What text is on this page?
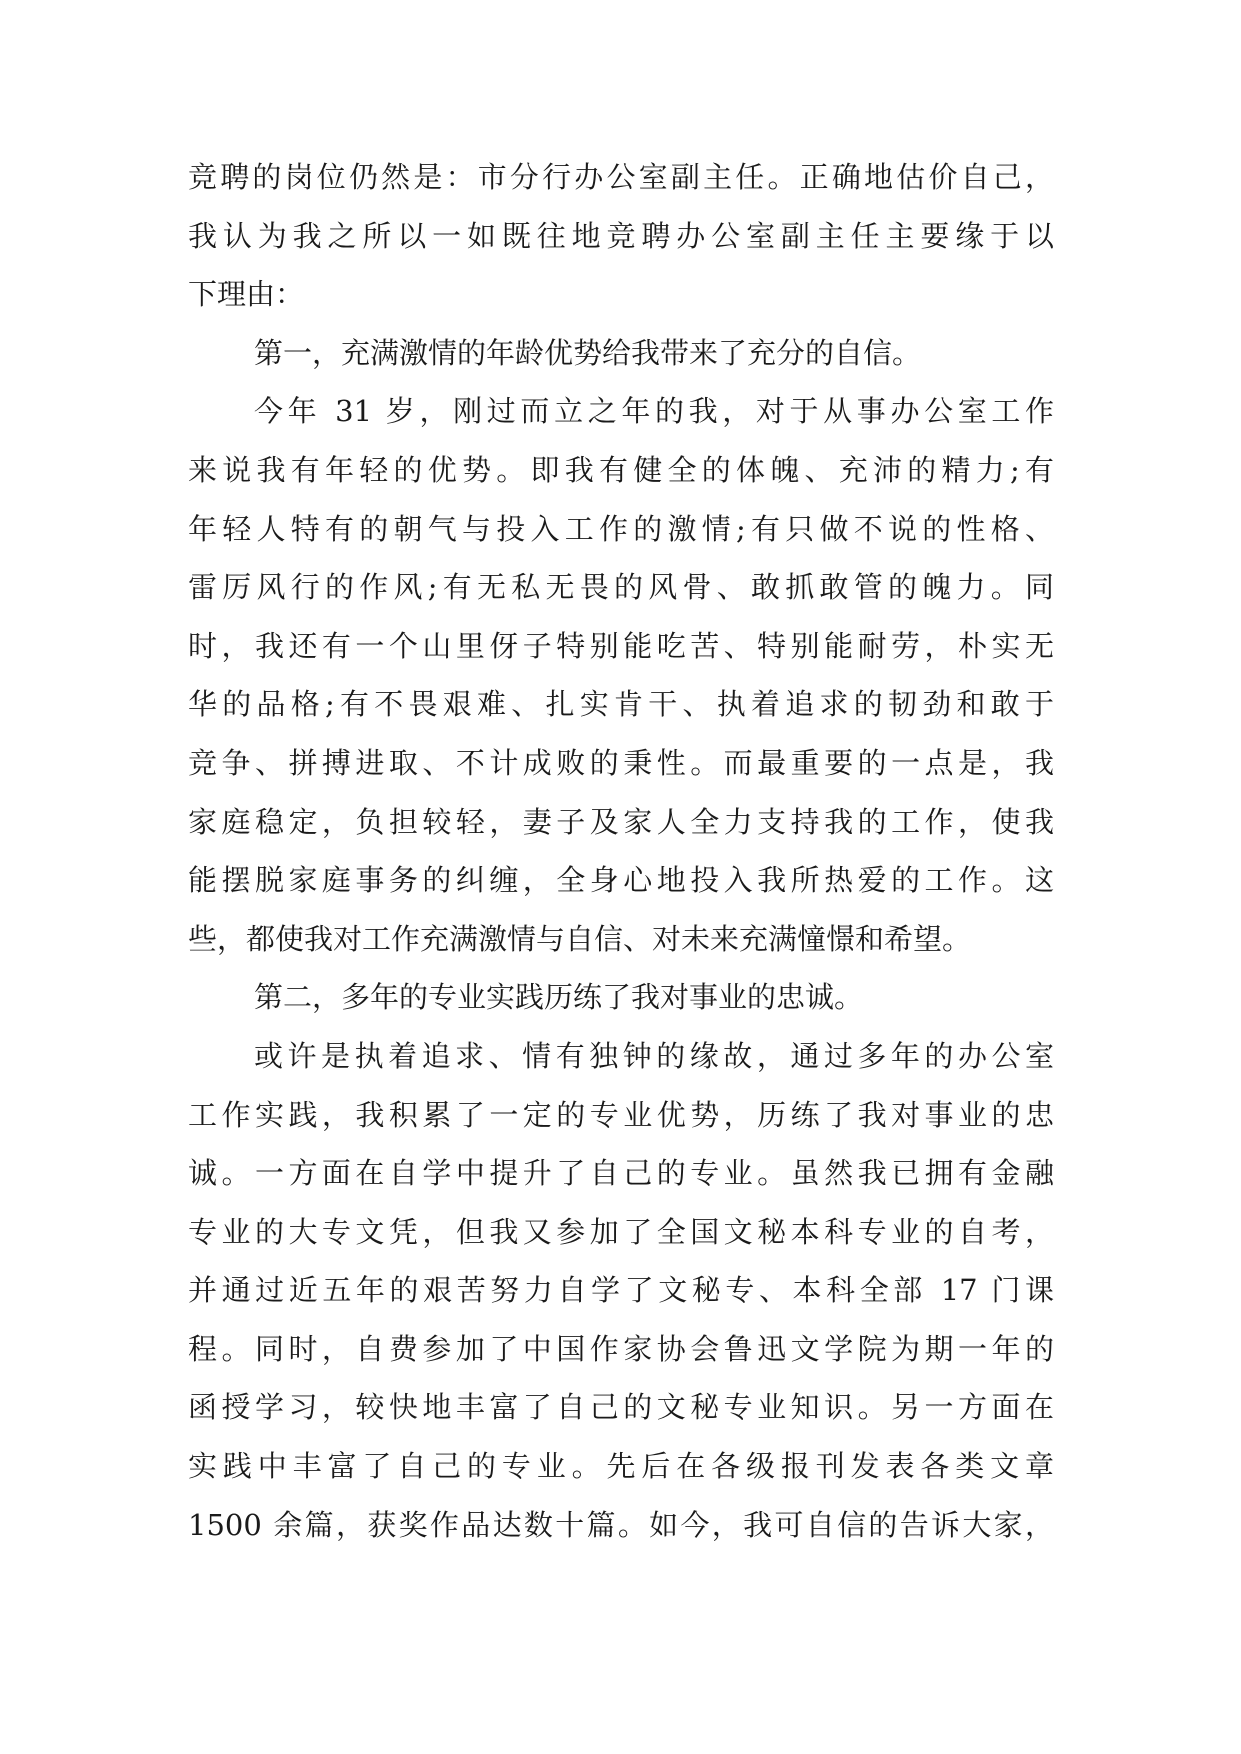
竞聘的岗位仍然是：市分行办公室副主任。正确地估价自己，
我认为我之所以一如既往地竞聘办公室副主任主要缘于以
下理由：
第一，充满激情的年龄优势给我带来了充分的自信。
今年 31 岁，刚过而立之年的我，对于从事办公室工作
来说我有年轻的优势。即我有健全的体魄、充沛的精力;有
年轻人特有的朝气与投入工作的激情;有只做不说的性格、
雷厉风行的作风;有无私无畏的风骨、敢抓敢管的魄力。同
时，我还有一个山里伢子特别能吃苦、特别能耐劳，朴实无
华的品格;有不畏艰难、扎实肯干、执着追求的韧劲和敢于
竞争、拼搏进取、不计成败的秉性。而最重要的一点是，我
家庭稳定，负担较轻，妻子及家人全力支持我的工作，使我
能摆脱家庭事务的纠缠，全身心地投入我所热爱的工作。这
些，都使我对工作充满激情与自信、对未来充满憧憬和希望。
第二，多年的专业实践历练了我对事业的忠诚。
或许是执着追求、情有独钟的缘故，通过多年的办公室
工作实践，我积累了一定的专业优势，历练了我对事业的忠
诚。一方面在自学中提升了自己的专业。虽然我已拥有金融
专业的大专文凭，但我又参加了全国文秘本科专业的自考，
并通过近五年的艰苦努力自学了文秘专、本科全部 17 门课
程。同时，自费参加了中国作家协会鲁迅文学院为期一年的
函授学习，较快地丰富了自己的文秘专业知识。另一方面在
实践中丰富了自己的专业。先后在各级报刊发表各类文章
1500 余篇，获奖作品达数十篇。如今，我可自信的告诉大家，
